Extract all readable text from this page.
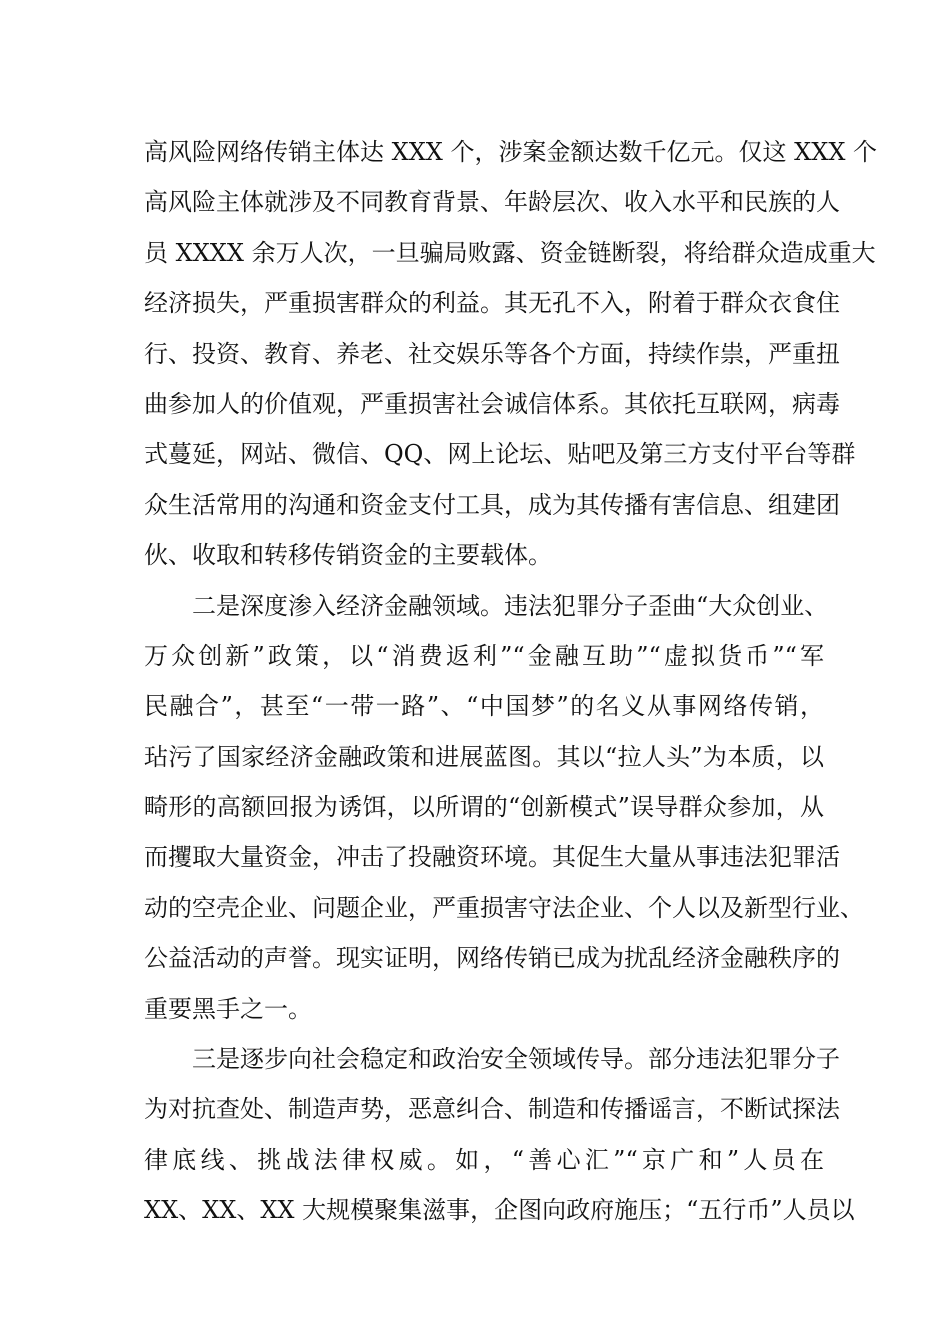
高风险网络传销主体达 XXX 个，涉案金额达数千亿元。仅这 XXX 个
高风险主体就涉及不同教育背景、年龄层次、收入水平和民族的人
员 XXXX 余万人次，一旦骗局败露、资金链断裂，将给群众造成重大
经济损失，严重损害群众的利益。其无孔不入，附着于群众衣食住
行、投资、教育、养老、社交娱乐等各个方面，持续作祟，严重扭
曲参加人的价值观，严重损害社会诚信体系。其依托互联网，病毒
式蔓延，网站、微信、QQ、网上论坛、贴吧及第三方支付平台等群
众生活常用的沟通和资金支付工具，成为其传播有害信息、组建团
伙、收取和转移传销资金的主要载体。
二是深度渗入经济金融领域。违法犯罪分子歪曲“大众创业、
万众创新”政策，以“消费返利”“金融互助”“虚拟货币”“军
民融合”，甚至“一带一路”、“中国梦”的名义从事网络传销，
玷污了国家经济金融政策和进展蓝图。其以“拉人头”为本质，以
畸形的高额回报为诱饵，以所谓的“创新模式”误导群众参加，从
而攫取大量资金，冲击了投融资环境。其促生大量从事违法犯罪活
动的空壳企业、问题企业，严重损害守法企业、个人以及新型行业、
公益活动的声誉。现实证明，网络传销已成为扰乱经济金融秩序的
重要黑手之一。
三是逐步向社会稳定和政治安全领域传导。部分违法犯罪分子
为对抗查处、制造声势，恶意纠合、制造和传播谣言，不断试探法
律底线、挑战法律权威。如，“善心汇”“京广和”人员在
XX、XX、XX 大规模聚集滋事，企图向政府施压；“五行币”人员以
